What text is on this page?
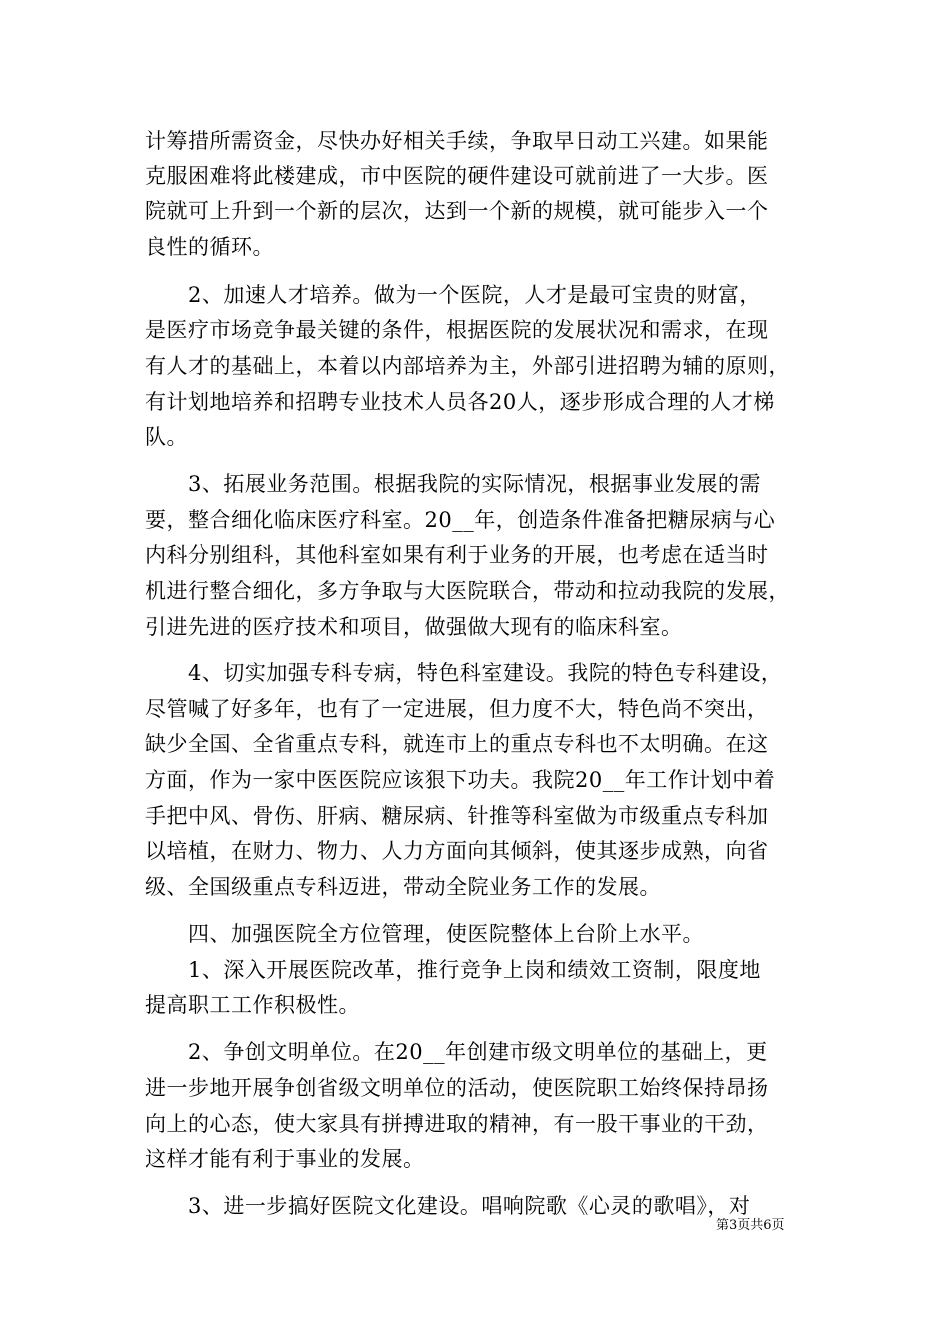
计筹措所需资金，尽快办好相关手续，争取早日动工兴建。如果能
克服困难将此楼建成，市中医院的硬件建设可就前进了一大步。医
院就可上升到一个新的层次，达到一个新的规模，就可能步入一个
良性的循环。
2、加速人才培养。做为一个医院，人才是最可宝贵的财富，
是医疗市场竞争最关键的条件，根据医院的发展状况和需求，在现
有人才的基础上，本着以内部培养为主，外部引进招聘为辅的原则，
有计划地培养和招聘专业技术人员各20人，逐步形成合理的人才梯
队。
3、拓展业务范围。根据我院的实际情况，根据事业发展的需
要，整合细化临床医疗科室。20__年，创造条件准备把糖尿病与心
内科分别组科，其他科室如果有利于业务的开展，也考虑在适当时
机进行整合细化，多方争取与大医院联合，带动和拉动我院的发展，
引进先进的医疗技术和项目，做强做大现有的临床科室。
4、切实加强专科专病，特色科室建设。我院的特色专科建设，
尽管喊了好多年，也有了一定进展，但力度不大，特色尚不突出，
缺少全国、全省重点专科，就连市上的重点专科也不太明确。在这
方面，作为一家中医医院应该狠下功夫。我院20__年工作计划中着
手把中风、骨伤、肝病、糖尿病、针推等科室做为市级重点专科加
以培植，在财力、物力、人力方面向其倾斜，使其逐步成熟，向省
级、全国级重点专科迈进，带动全院业务工作的发展。
四、加强医院全方位管理，使医院整体上台阶上水平。
1、深入开展医院改革，推行竞争上岗和绩效工资制，限度地
提高职工工作积极性。
2、争创文明单位。在20__年创建市级文明单位的基础上，更
进一步地开展争创省级文明单位的活动，使医院职工始终保持昂扬
向上的心态，使大家具有拼搏进取的精神，有一股干事业的干劲，
这样才能有利于事业的发展。
3、进一步搞好医院文化建设。唱响院歌《心灵的歌唱》，对
第3页共6页
